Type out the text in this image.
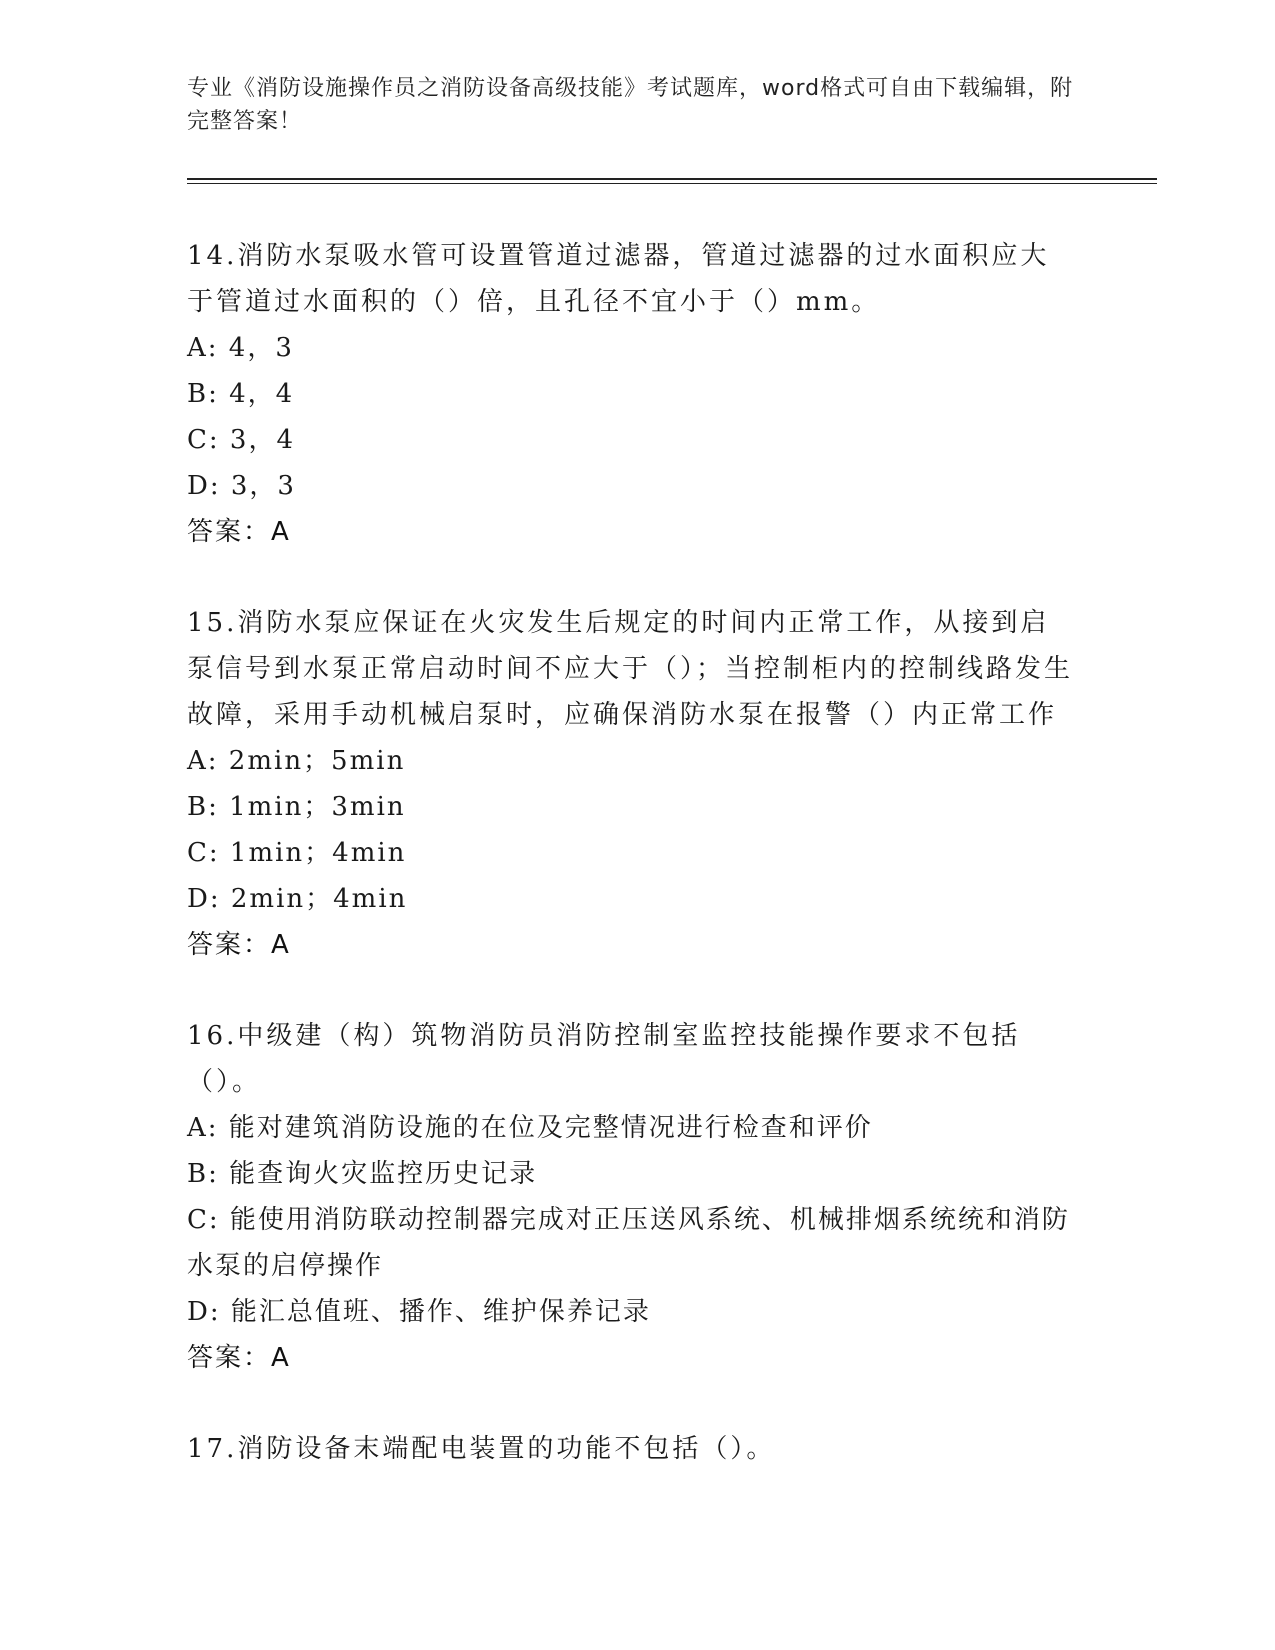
专业《消防设施操作员之消防设备高级技能》考试题库，word格式可自由下载编辑，附完整答案！
14.消防水泵吸水管可设置管道过滤器，管道过滤器的过水面积应大于管道过水面积的（）倍，且孔径不宜小于（）mm。
A: 4，3
B: 4，4
C: 3，4
D: 3，3
答案：A
15.消防水泵应保证在火灾发生后规定的时间内正常工作，从接到启泵信号到水泵正常启动时间不应大于（）；当控制柜内的控制线路发生故障，采用手动机械启泵时，应确保消防水泵在报警（）内正常工作
A: 2min；5min
B: 1min；3min
C: 1min；4min
D: 2min；4min
答案：A
16.中级建（构）筑物消防员消防控制室监控技能操作要求不包括（）。
A: 能对建筑消防设施的在位及完整情况进行检查和评价
B: 能查询火灾监控历史记录
C: 能使用消防联动控制器完成对正压送风系统、机械排烟系统统和消防水泵的启停操作
D: 能汇总值班、播作、维护保养记录
答案：A
17.消防设备末端配电装置的功能不包括（）。
